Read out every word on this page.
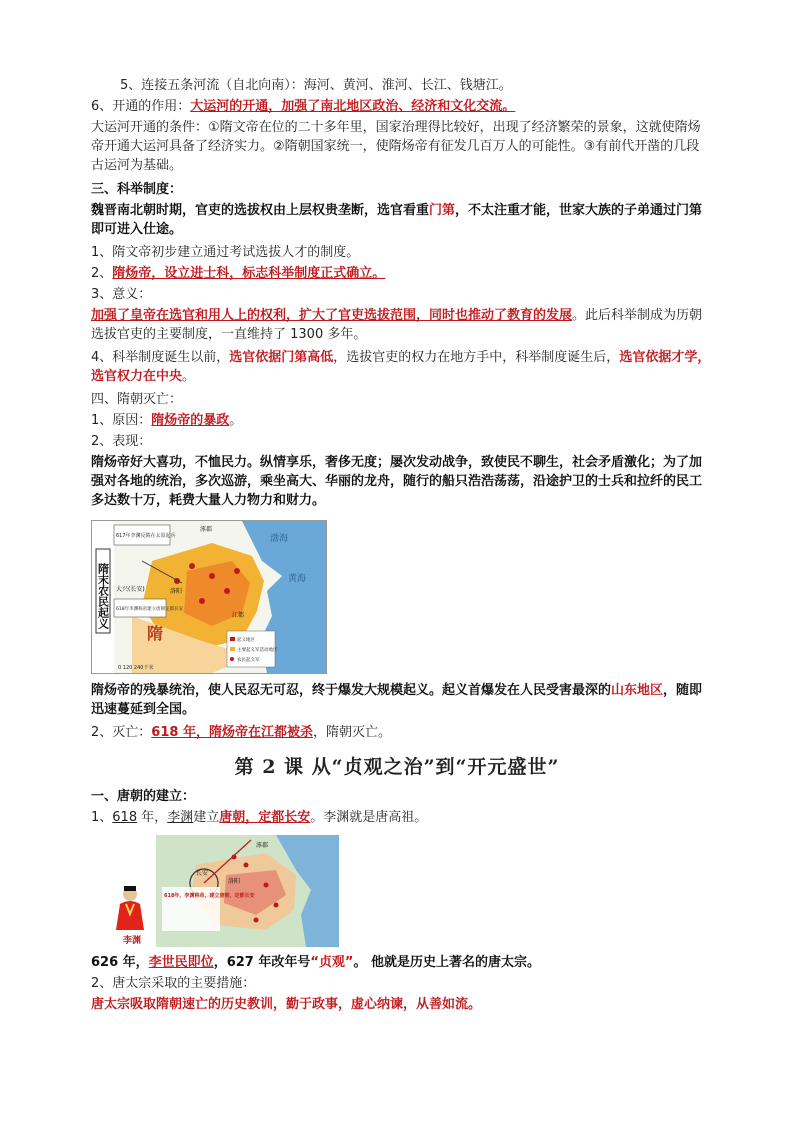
5、连接五条河流（自北向南）：海河、黄河、淮河、长江、钱塘江。
6、开通的作用：大运河的开通，加强了南北地区政治、经济和文化交流。
大运河开通的条件：①隋文帝在位的二十多年里，国家治理得比较好，出现了经济繁荣的景象，这就使隋炀帝开通大运河具备了经济实力。②隋朝国家统一，使隋炀帝有征发几百万人的可能性。③有前代开凿的几段古运河为基础。
三、科举制度：
魏晋南北朝时期，官吏的选拔权由上层权贵垄断，选官看重门第，不太注重才能，世家大族的子弟通过门第即可进入仕途。
1、隋文帝初步建立通过考试选拔人才的制度。
2、隋炀帝，设立进士科，标志科举制度正式确立。
3、意义：
加强了皇帝在选官和用人上的权利，扩大了官吏选拔范围，同时也推动了教育的发展。此后科举制成为历朝选拔官吏的主要制度，一直维持了 1300 多年。
4、科举制度诞生以前，选官依据门第高低，选拔官吏的权力在地方手中，科举制度诞生后，选官依据才学，选官权力在中央。
四、隋朝灭亡：
1、原因：隋炀帝的暴政。
2、表现：
隋炀帝好大喜功，不恤民力。纵情享乐，奢侈无度；屡次发动战争，致使民不聊生，社会矛盾激化；为了加强对各地的统治，多次巡游，乘坐高大、华丽的龙舟，随行的船只浩浩荡荡，沿途护卫的士兵和拉纤的民工多达数十万，耗费大量人力物力和财力。
隋末农民起义
617年李渊反隋在太原起兵
618年李渊称帝建立唐朝定都长安
大兴(长安)	洛阳
涿郡
江都
渤海
黄海
隋	起义地区
主要起义军活动地区
农民起义军
0 120 240千米
隋炀帝的残暴统治，使人民忍无可忍，终于爆发大规模起义。起义首爆发在人民受害最深的山东地区，随即迅速蔓延到全国。
2、灭亡：618 年，隋炀帝在江都被杀，隋朝灭亡。
第 2 课 从“贞观之治”到“开元盛世”
一、唐朝的建立：
1、618 年，李渊建立唐朝，定都长安。李渊就是唐高祖。
李渊
618年，李渊称帝，建立唐朝，定都长安
长安
洛阳
涿郡
626 年，李世民即位，627 年改年号“贞观”。 他就是历史上著名的唐太宗。
2、唐太宗采取的主要措施：
唐太宗吸取隋朝速亡的历史教训，勤于政事，虚心纳谏，从善如流。
